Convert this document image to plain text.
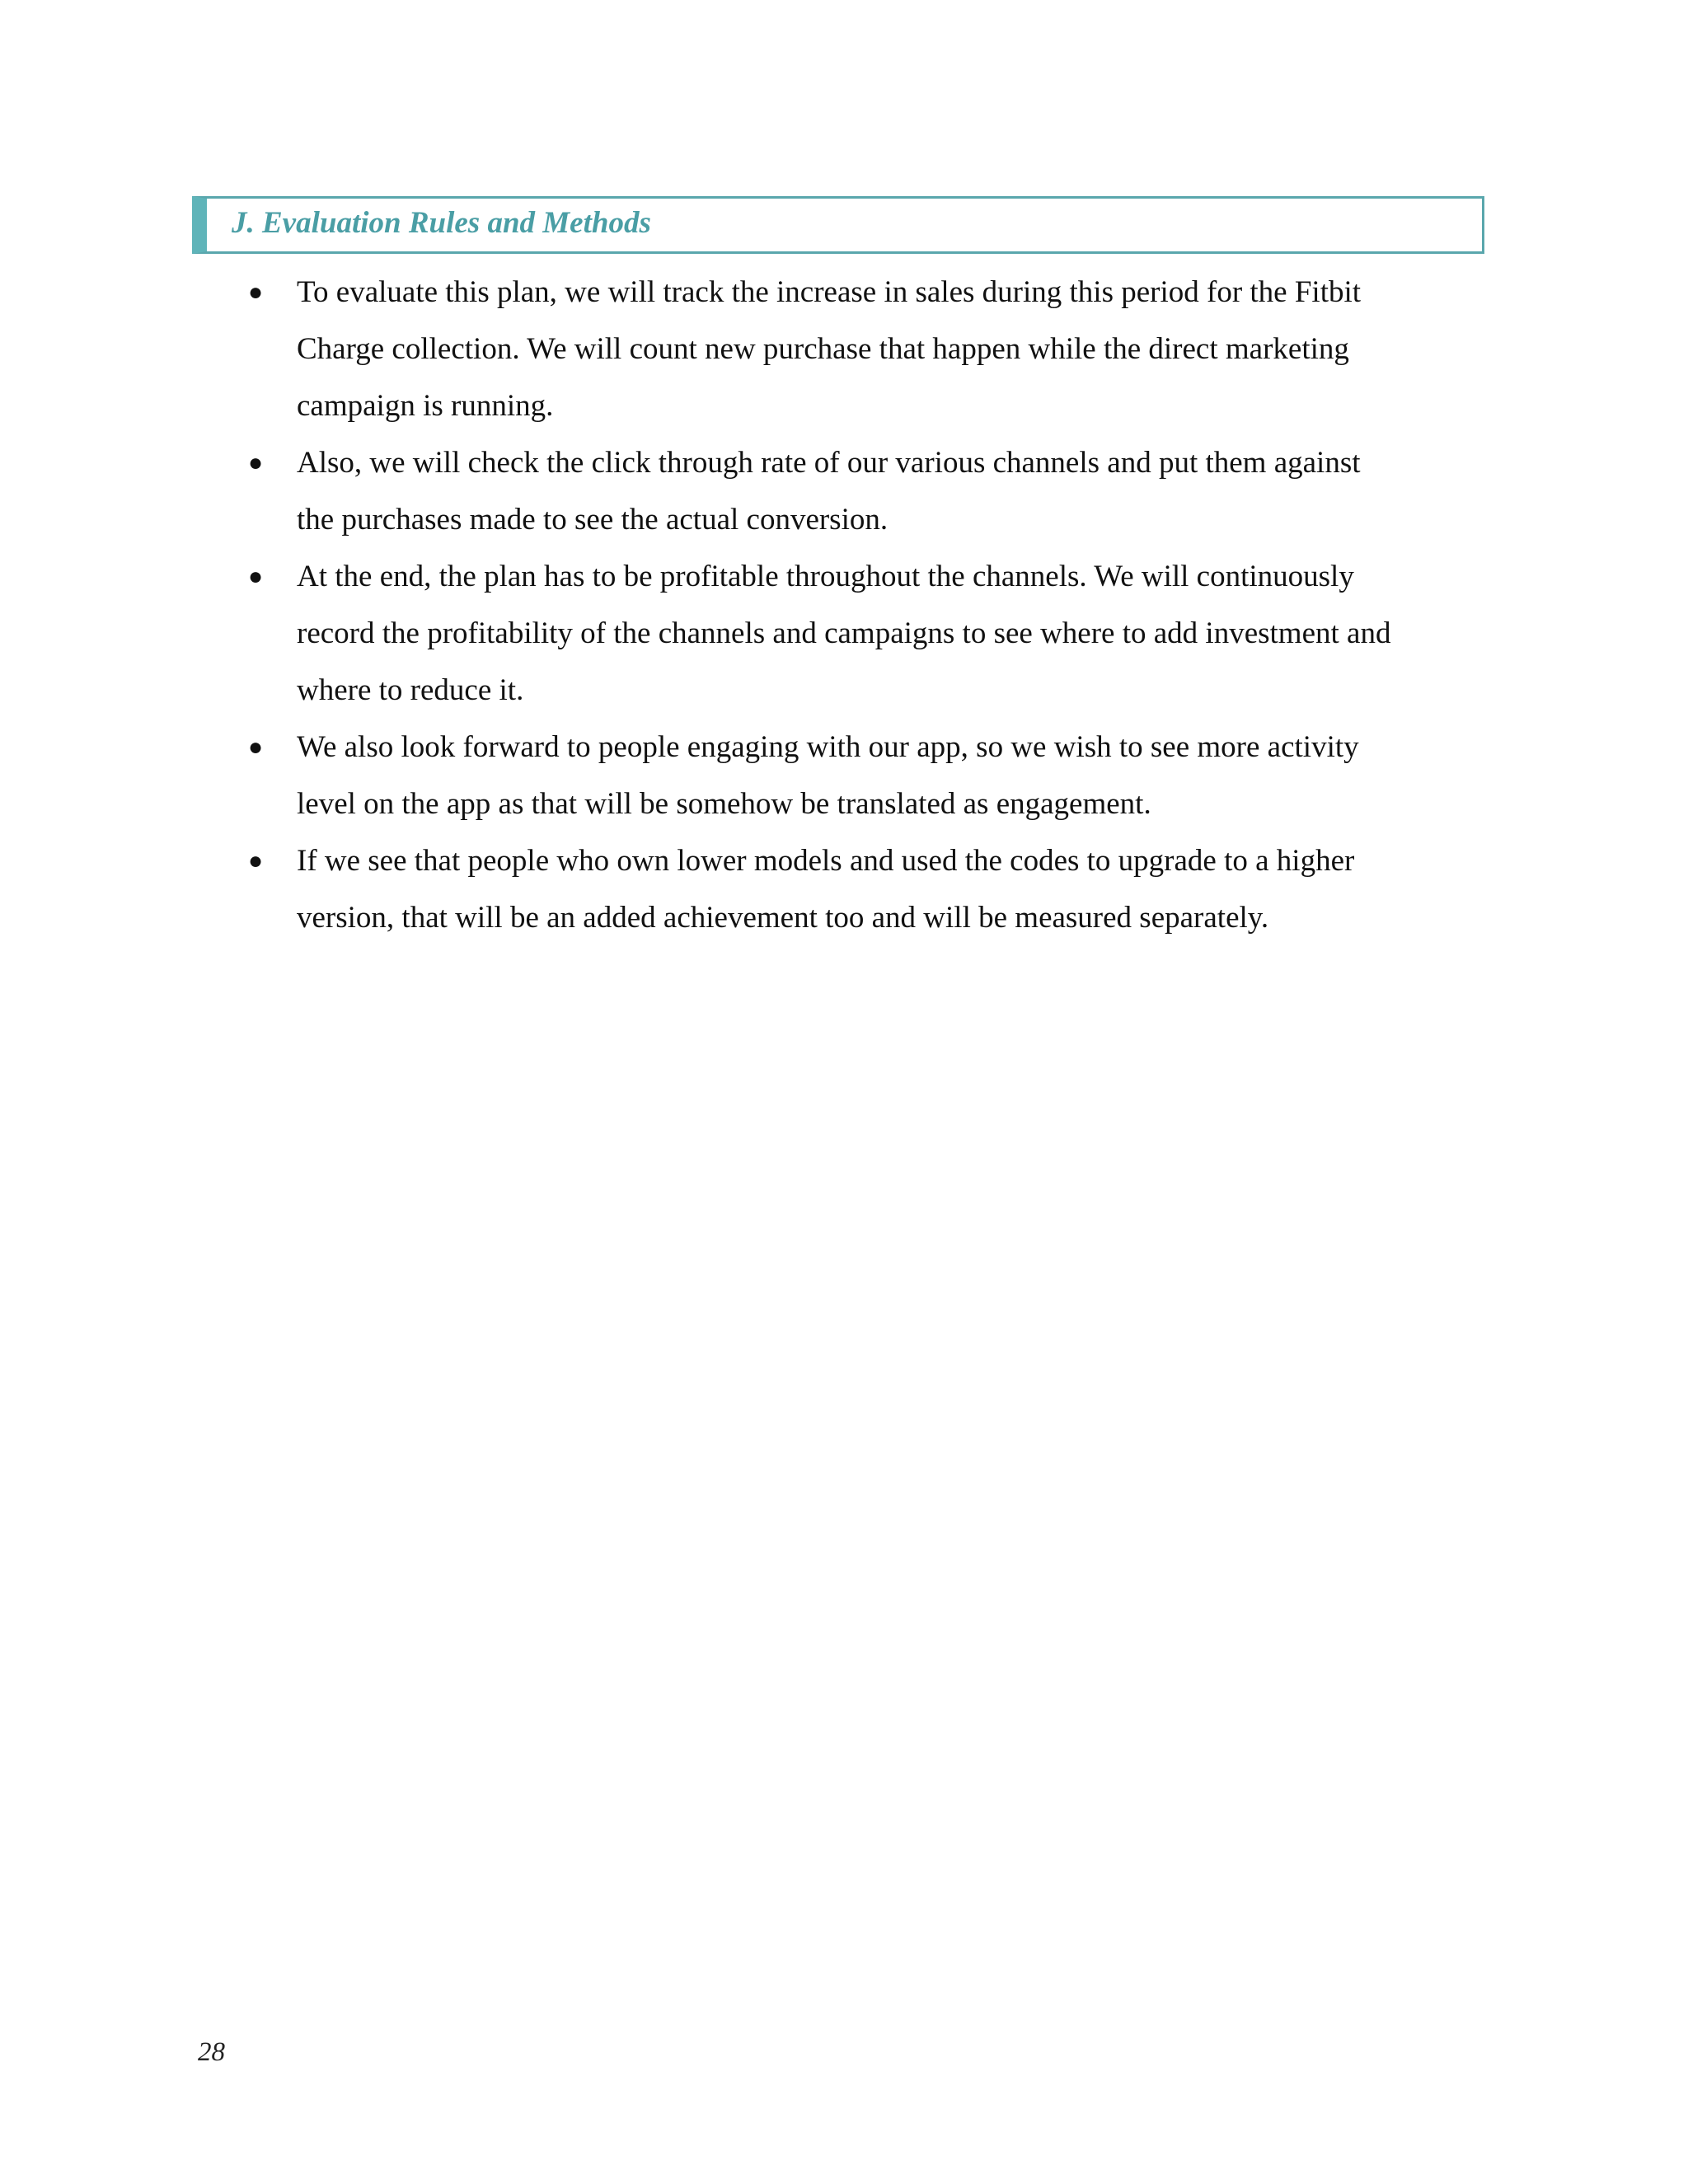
J. Evaluation Rules and Methods
● To evaluate this plan, we will track the increase in sales during this period for the Fitbit
Charge collection. We will count new purchase that happen while the direct marketing
campaign is running.
● Also, we will check the click through rate of our various channels and put them against
the purchases made to see the actual conversion.
● At the end, the plan has to be profitable throughout the channels. We will continuously
record the profitability of the channels and campaigns to see where to add investment and
where to reduce it.
● We also look forward to people engaging with our app, so we wish to see more activity
level on the app as that will be somehow be translated as engagement.
● If we see that people who own lower models and used the codes to upgrade to a higher
version, that will be an added achievement too and will be measured separately.
28
